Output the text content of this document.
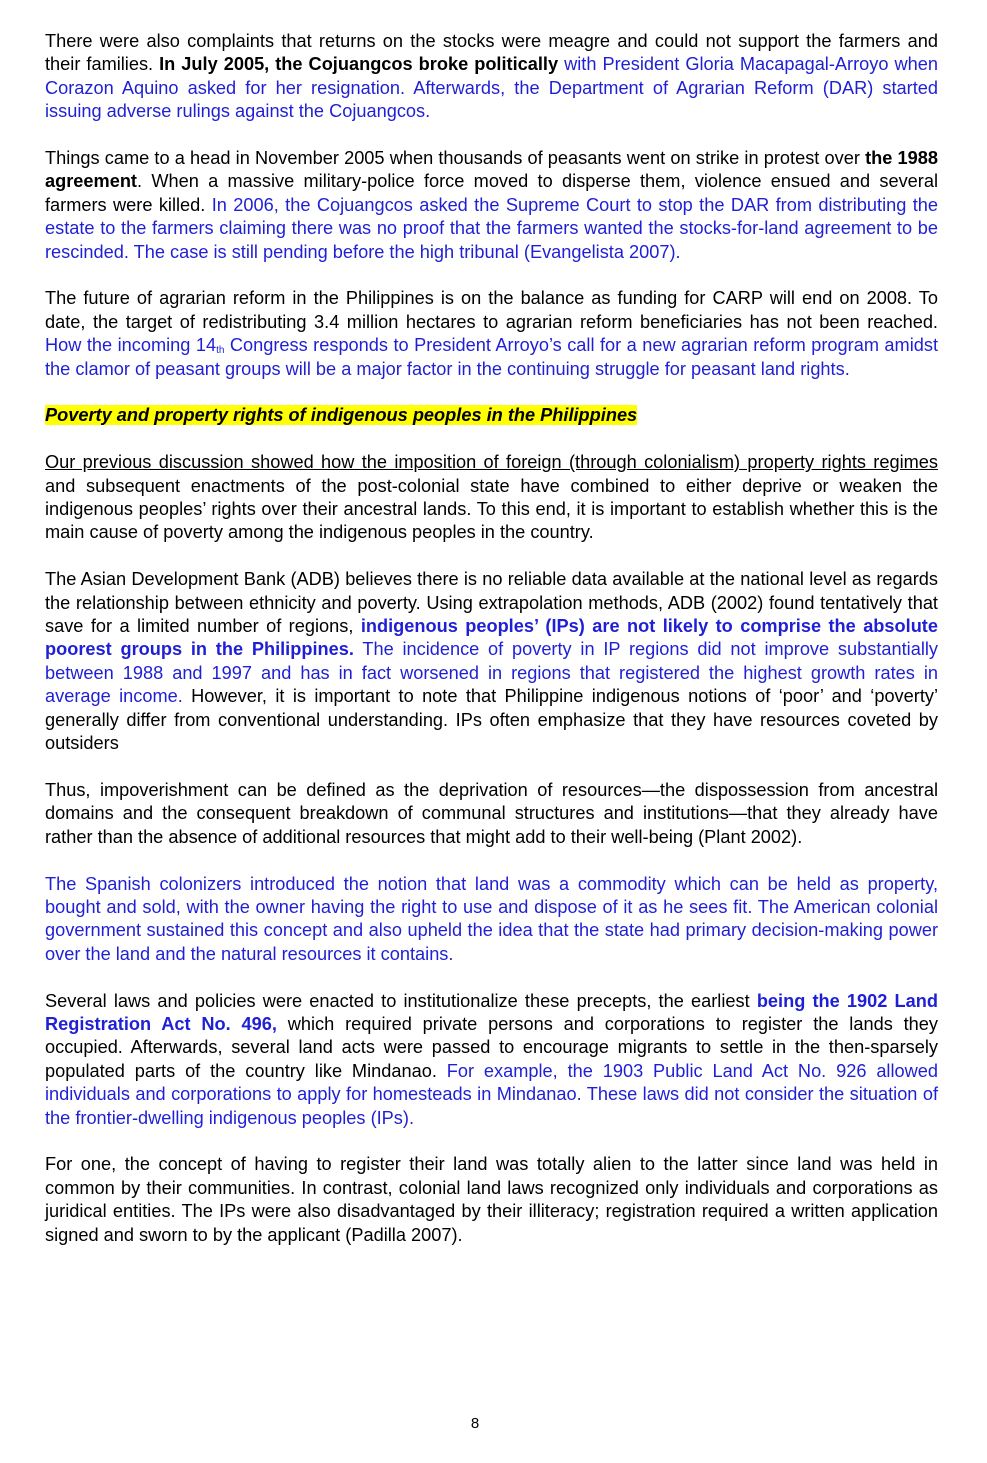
There were also complaints that returns on the stocks were meagre and could not support the farmers and their families. In July 2005, the Cojuangcos broke politically with President Gloria Macapagal-Arroyo when Corazon Aquino asked for her resignation. Afterwards, the Department of Agrarian Reform (DAR) started issuing adverse rulings against the Cojuangcos.

Things came to a head in November 2005 when thousands of peasants went on strike in protest over the 1988 agreement. When a massive military-police force moved to disperse them, violence ensued and several farmers were killed. In 2006, the Cojuangcos asked the Supreme Court to stop the DAR from distributing the estate to the farmers claiming there was no proof that the farmers wanted the stocks-for-land agreement to be rescinded. The case is still pending before the high tribunal (Evangelista 2007).

The future of agrarian reform in the Philippines is on the balance as funding for CARP will end on 2008. To date, the target of redistributing 3.4 million hectares to agrarian reform beneficiaries has not been reached. How the incoming $14_{th}$ Congress responds to President Arroyo’s call for a new agrarian reform program amidst the clamor of peasant groups will be a major factor in the continuing struggle for peasant land rights.

Poverty and property rights of indigenous peoples in the Philippines

Our previous discussion showed how the imposition of foreign (through colonialism) property rights regimes and subsequent enactments of the post-colonial state have combined to either deprive or weaken the indigenous peoples’ rights over their ancestral lands. To this end, it is important to establish whether this is the main cause of poverty among the indigenous peoples in the country.

The Asian Development Bank (ADB) believes there is no reliable data available at the national level as regards the relationship between ethnicity and poverty. Using extrapolation methods, ADB (2002) found tentatively that save for a limited number of regions, indigenous peoples’ (IPs) are not likely to comprise the absolute poorest groups in the Philippines. The incidence of poverty in IP regions did not improve substantially between 1988 and 1997 and has in fact worsened in regions that registered the highest growth rates in average income. However, it is important to note that Philippine indigenous notions of ‘poor’ and ‘poverty’ generally differ from conventional understanding. IPs often emphasize that they have resources coveted by outsiders

Thus, impoverishment can be defined as the deprivation of resources—the dispossession from ancestral domains and the consequent breakdown of communal structures and institutions—that they already have rather than the absence of additional resources that might add to their well-being (Plant 2002).

The Spanish colonizers introduced the notion that land was a commodity which can be held as property, bought and sold, with the owner having the right to use and dispose of it as he sees fit. The American colonial government sustained this concept and also upheld the idea that the state had primary decision-making power over the land and the natural resources it contains.

Several laws and policies were enacted to institutionalize these precepts, the earliest being the 1902 Land Registration Act No. 496, which required private persons and corporations to register the lands they occupied. Afterwards, several land acts were passed to encourage migrants to settle in the then-sparsely populated parts of the country like Mindanao. For example, the 1903 Public Land Act No. 926 allowed individuals and corporations to apply for homesteads in Mindanao. These laws did not consider the situation of the frontier-dwelling indigenous peoples (IPs).

For one, the concept of having to register their land was totally alien to the latter since land was held in common by their communities. In contrast, colonial land laws recognized only individuals and corporations as juridical entities. The IPs were also disadvantaged by their illiteracy; registration required a written application signed and sworn to by the applicant (Padilla 2007).

8
